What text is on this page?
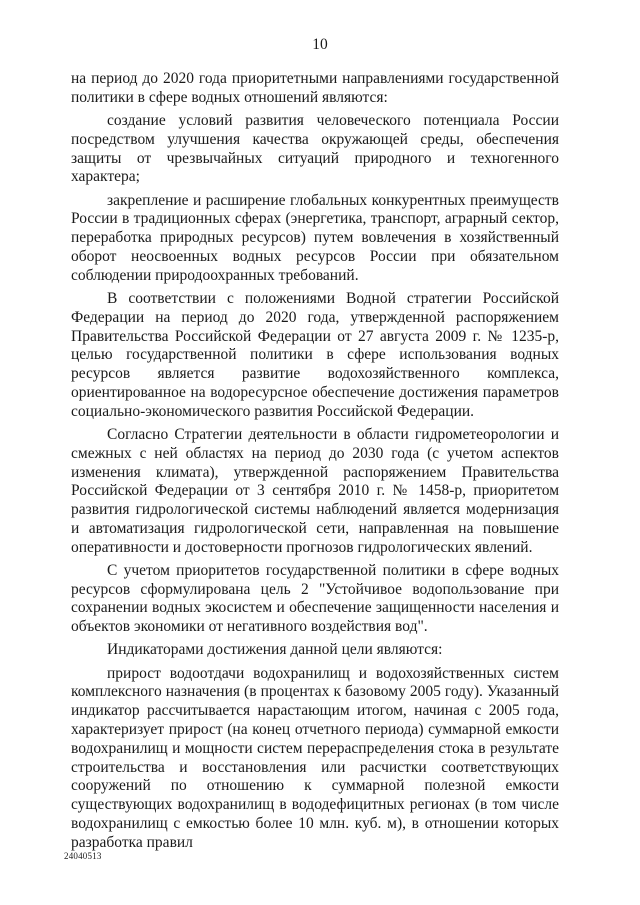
10

на период до 2020 года приоритетными направлениями государственной политики в сфере водных отношений являются:

создание условий развития человеческого потенциала России посредством улучшения качества окружающей среды, обеспечения защиты от чрезвычайных ситуаций природного и техногенного характера;

закрепление и расширение глобальных конкурентных преимуществ России в традиционных сферах (энергетика, транспорт, аграрный сектор, переработка природных ресурсов) путем вовлечения в хозяйственный оборот неосвоенных водных ресурсов России при обязательном соблюдении природоохранных требований.

В соответствии с положениями Водной стратегии Российской Федерации на период до 2020 года, утвержденной распоряжением Правительства Российской Федерации от 27 августа 2009 г. № 1235-р, целью государственной политики в сфере использования водных ресурсов является развитие водохозяйственного комплекса, ориентированное на водоресурсное обеспечение достижения параметров социально-экономического развития Российской Федерации.

Согласно Стратегии деятельности в области гидрометеорологии и смежных с ней областях на период до 2030 года (с учетом аспектов изменения климата), утвержденной распоряжением Правительства Российской Федерации от 3 сентября 2010 г. № 1458-р, приоритетом развития гидрологической системы наблюдений является модернизация и автоматизация гидрологической сети, направленная на повышение оперативности и достоверности прогнозов гидрологических явлений.

С учетом приоритетов государственной политики в сфере водных ресурсов сформулирована цель 2 "Устойчивое водопользование при сохранении водных экосистем и обеспечение защищенности населения и объектов экономики от негативного воздействия вод".

Индикаторами достижения данной цели являются:

прирост водоотдачи водохранилищ и водохозяйственных систем комплексного назначения (в процентах к базовому 2005 году). Указанный индикатор рассчитывается нарастающим итогом, начиная с 2005 года, характеризует прирост (на конец отчетного периода) суммарной емкости водохранилищ и мощности систем перераспределения стока в результате строительства и восстановления или расчистки соответствующих сооружений по отношению к суммарной полезной емкости существующих водохранилищ в вододефицитных регионах (в том числе водохранилищ с емкостью более 10 млн. куб. м), в отношении которых разработка правил

24040513
